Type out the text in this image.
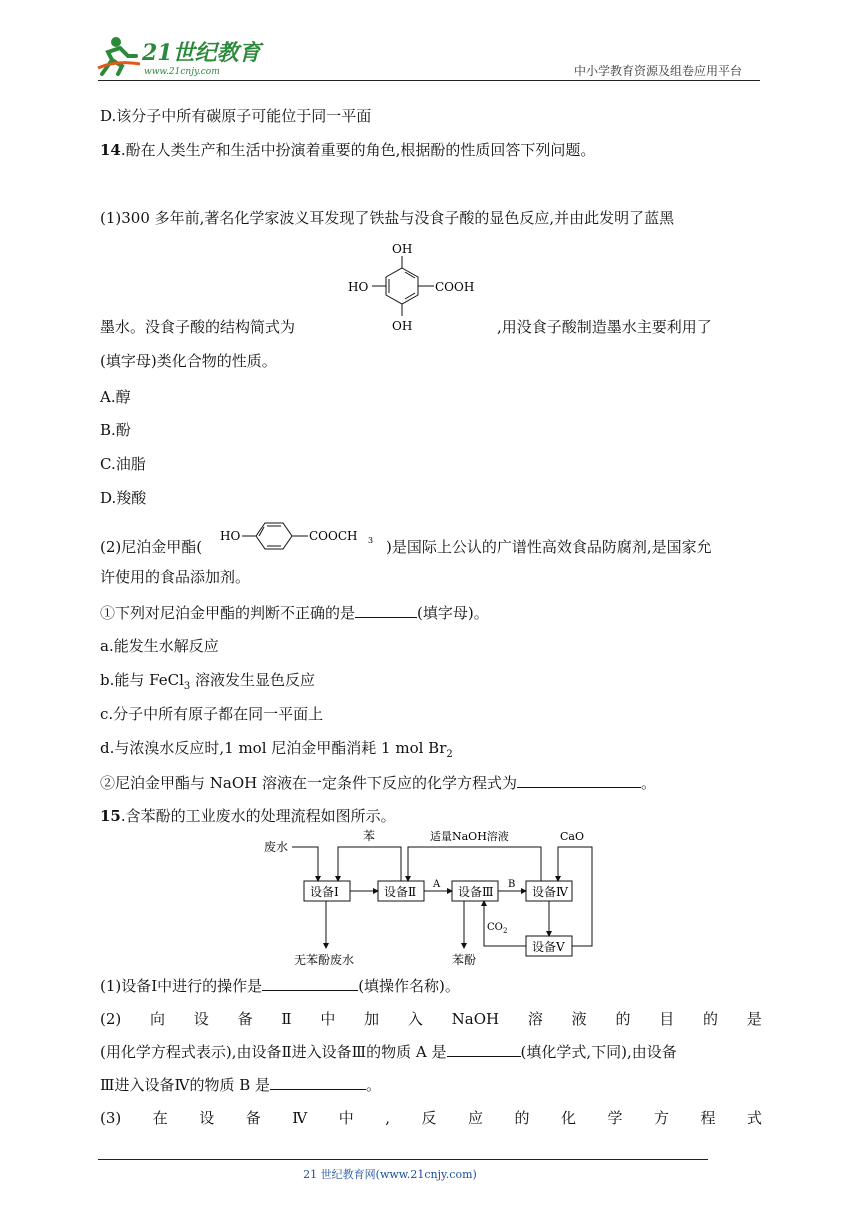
21世纪教育
www.21cnjy.com	中小学教育资源及组卷应用平台
D.该分子中所有碳原子可能位于同一平面
14.酚在人类生产和生活中扮演着重要的角色,根据酚的性质回答下列问题。
(1)300 多年前,著名化学家波义耳发现了铁盐与没食子酸的显色反应,并由此发明了蓝黑
OH
HO	COOH
OH
墨水。没食子酸的结构简式为	,用没食子酸制造墨水主要利用了
(填字母)类化合物的性质。
A.醇
B.酚
C.油脂
D.羧酸
(2)尼泊金甲酯(
HO	COOCH 3 )是国际上公认的广谱性高效食品防腐剂,是国家允
许使用的食品添加剂。
①下列对尼泊金甲酯的判断不正确的是	(填字母)。
a.能发生水解反应
b.能与 FeCl$_3$ 溶液发生显色反应
c.分子中所有原子都在同一平面上
d.与浓溴水反应时,1 mol 尼泊金甲酯消耗 1 mol $Br_2$
②尼泊金甲酯与 NaOH 溶液在一定条件下反应的化学方程式为	。
15.含苯酚的工业废水的处理流程如图所示。
设备Ⅰ	设备Ⅱ	设备Ⅲ	设备Ⅳ
设备Ⅴ
废水
苯	适量NaOH溶液	CaO
A	B
CO 2
无苯酚废水	苯酚
(1)设备Ⅰ中进行的操作是	(填操作名称)。
(2) 向 设 备 Ⅱ 中 加 入 NaOH 溶 液 的 目 的 是
(用化学方程式表示),由设备Ⅱ进入设备Ⅲ的物质 A 是	(填化学式,下同),由设备
Ⅲ进入设备Ⅳ的物质 B 是	。
(3) 在 设 备 Ⅳ 中 , 反 应 的 化 学 方 程 式
21 世纪教育网(www.21cnjy.com)
